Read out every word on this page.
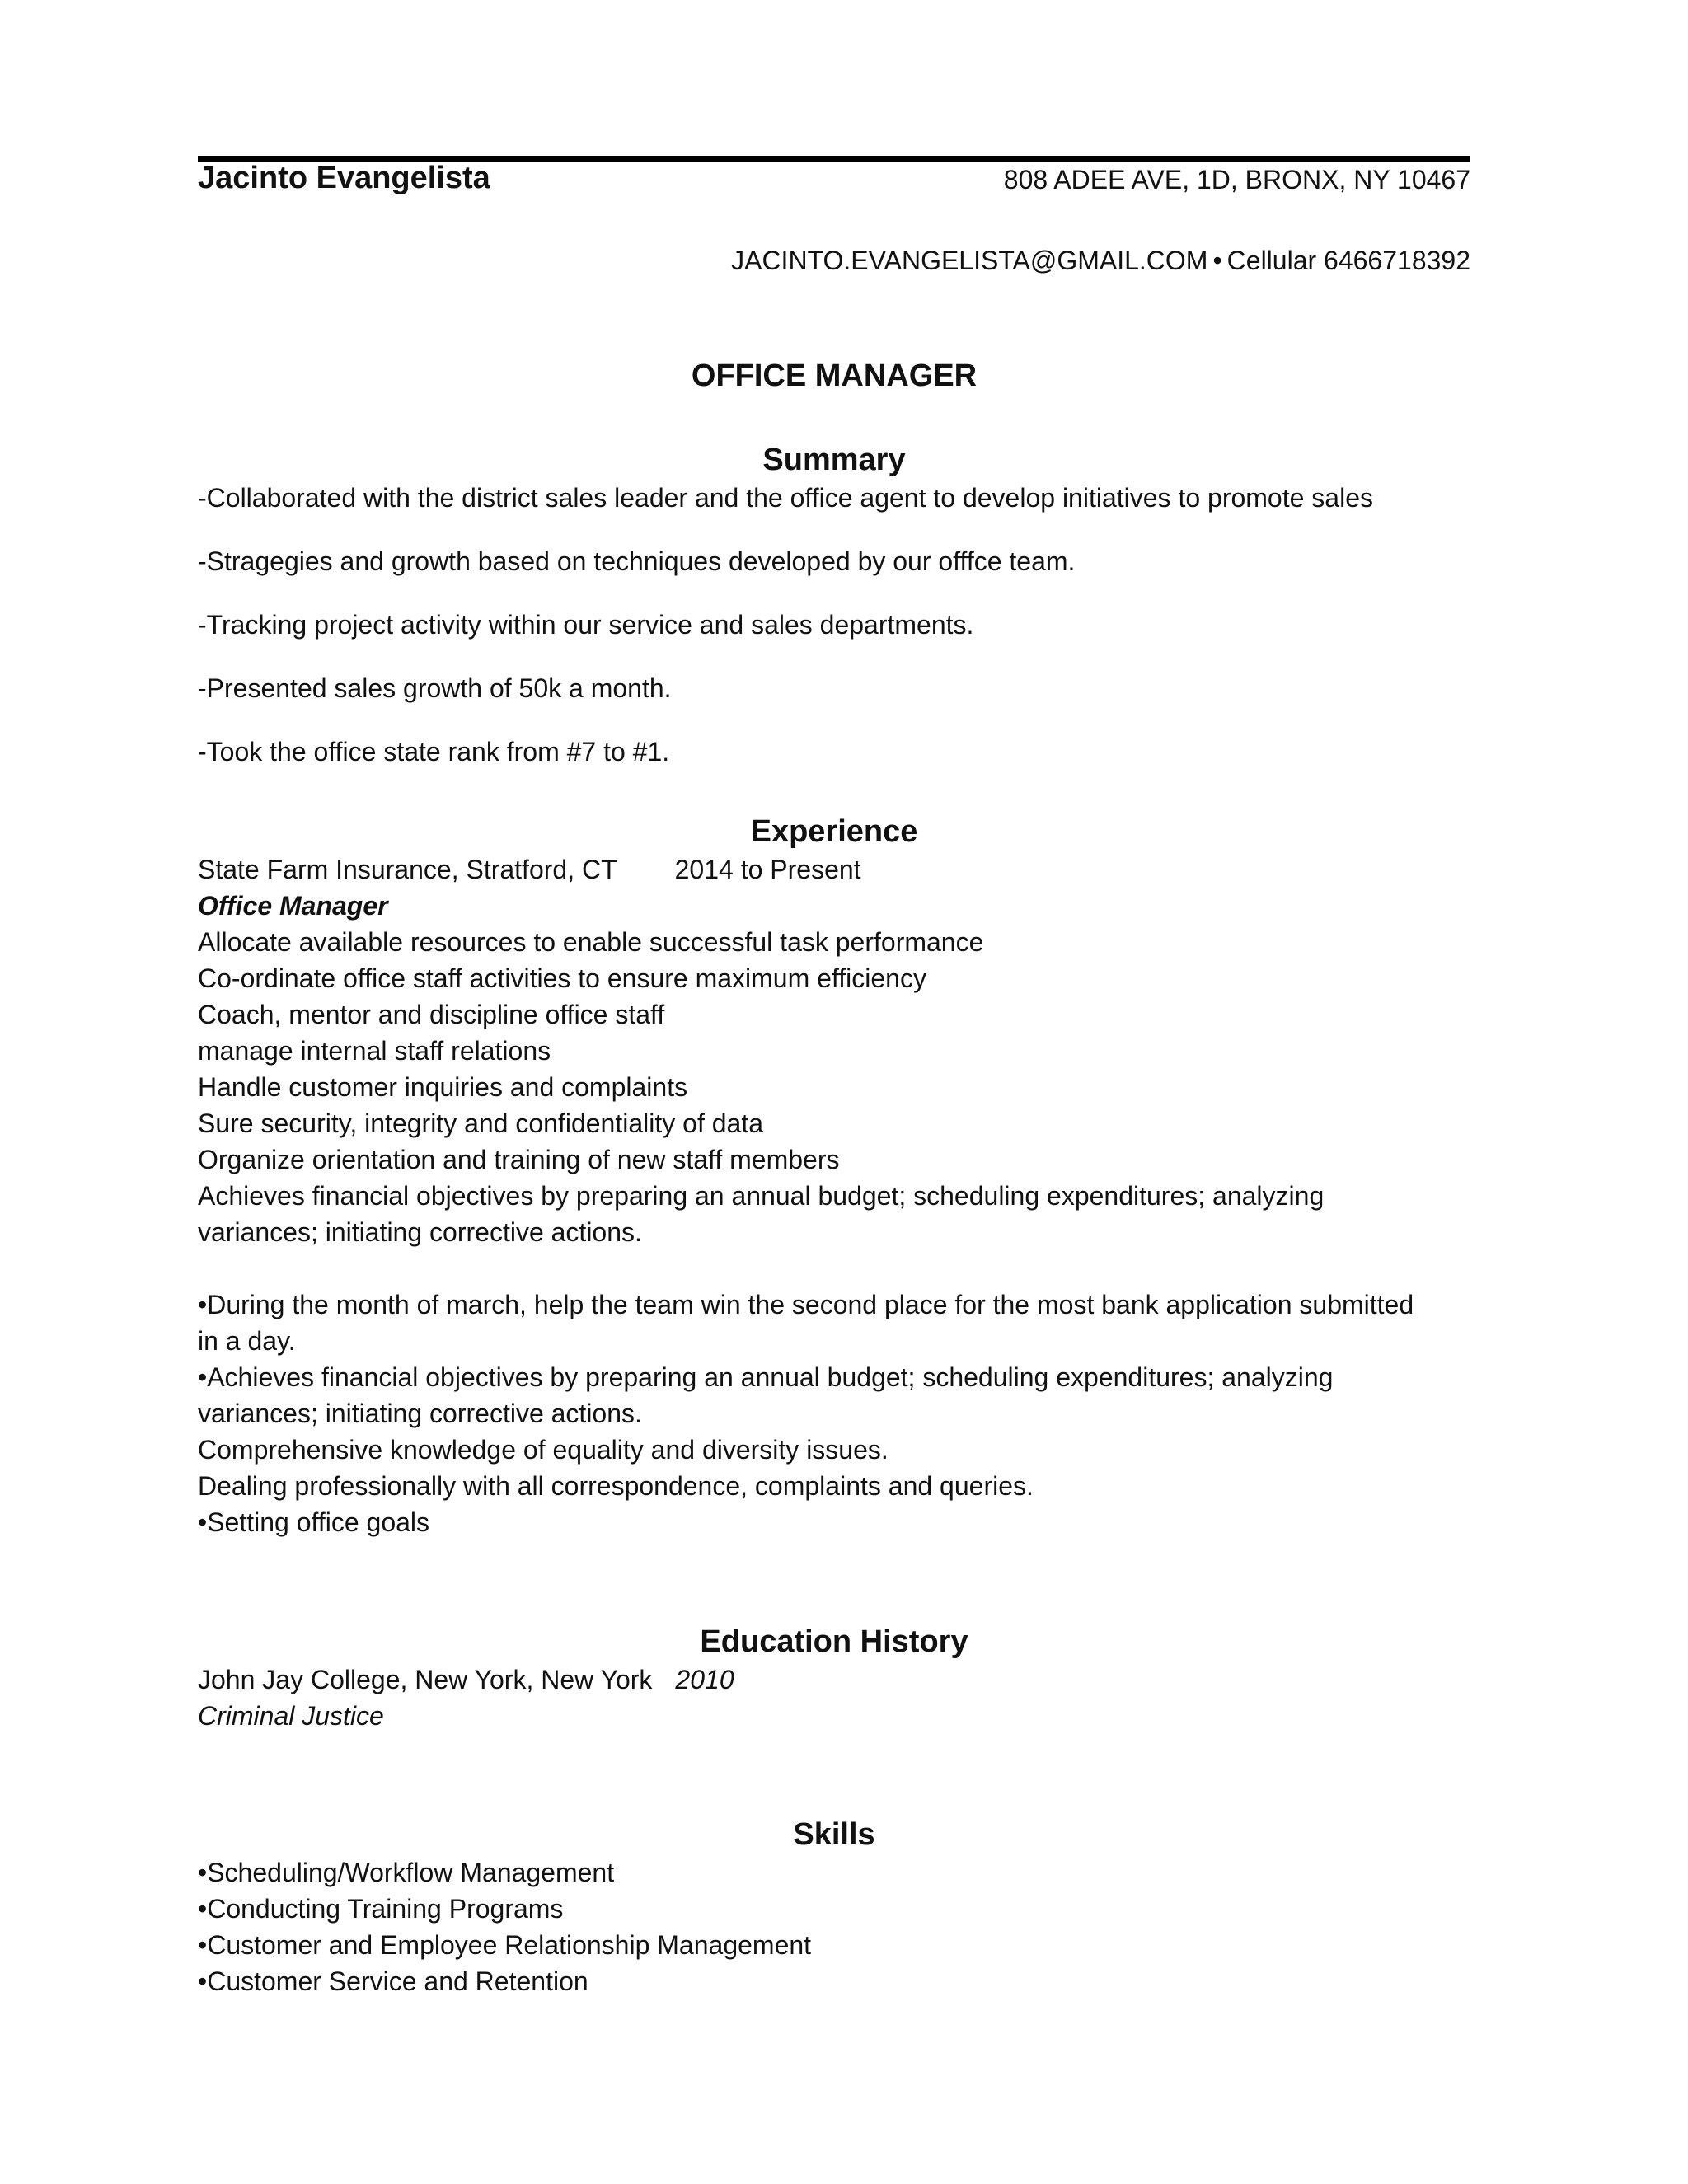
Jacinto Evangelista	808 ADEE AVE, 1D, BRONX, NY 10467
JACINTO.EVANGELISTA@GMAIL.COM • Cellular 6466718392
OFFICE MANAGER
Summary
-Collaborated with the district sales leader and the office agent to develop initiatives to promote sales
-Stragegies and growth based on techniques developed by our offfce team.
-Tracking project activity within our service and sales departments.
-Presented sales growth of 50k a month.
-Took the office state rank from #7 to #1.
Experience
State Farm Insurance, Stratford, CT 2014 to Present
Office Manager
Allocate available resources to enable successful task performance
Co-ordinate office staff activities to ensure maximum efficiency
Coach, mentor and discipline office staff
manage internal staff relations
Handle customer inquiries and complaints
Sure security, integrity and confidentiality of data
Organize orientation and training of new staff members
Achieves financial objectives by preparing an annual budget; scheduling expenditures; analyzing
variances; initiating corrective actions.
•During the month of march, help the team win the second place for the most bank application submitted
in a day.
•Achieves financial objectives by preparing an annual budget; scheduling expenditures; analyzing
variances; initiating corrective actions.
Comprehensive knowledge of equality and diversity issues.
Dealing professionally with all correspondence, complaints and queries.
•Setting office goals
Education History
John Jay College, New York, New York 2010
Criminal Justice
Skills
•Scheduling/Workflow Management
•Conducting Training Programs
•Customer and Employee Relationship Management
•Customer Service and Retention
